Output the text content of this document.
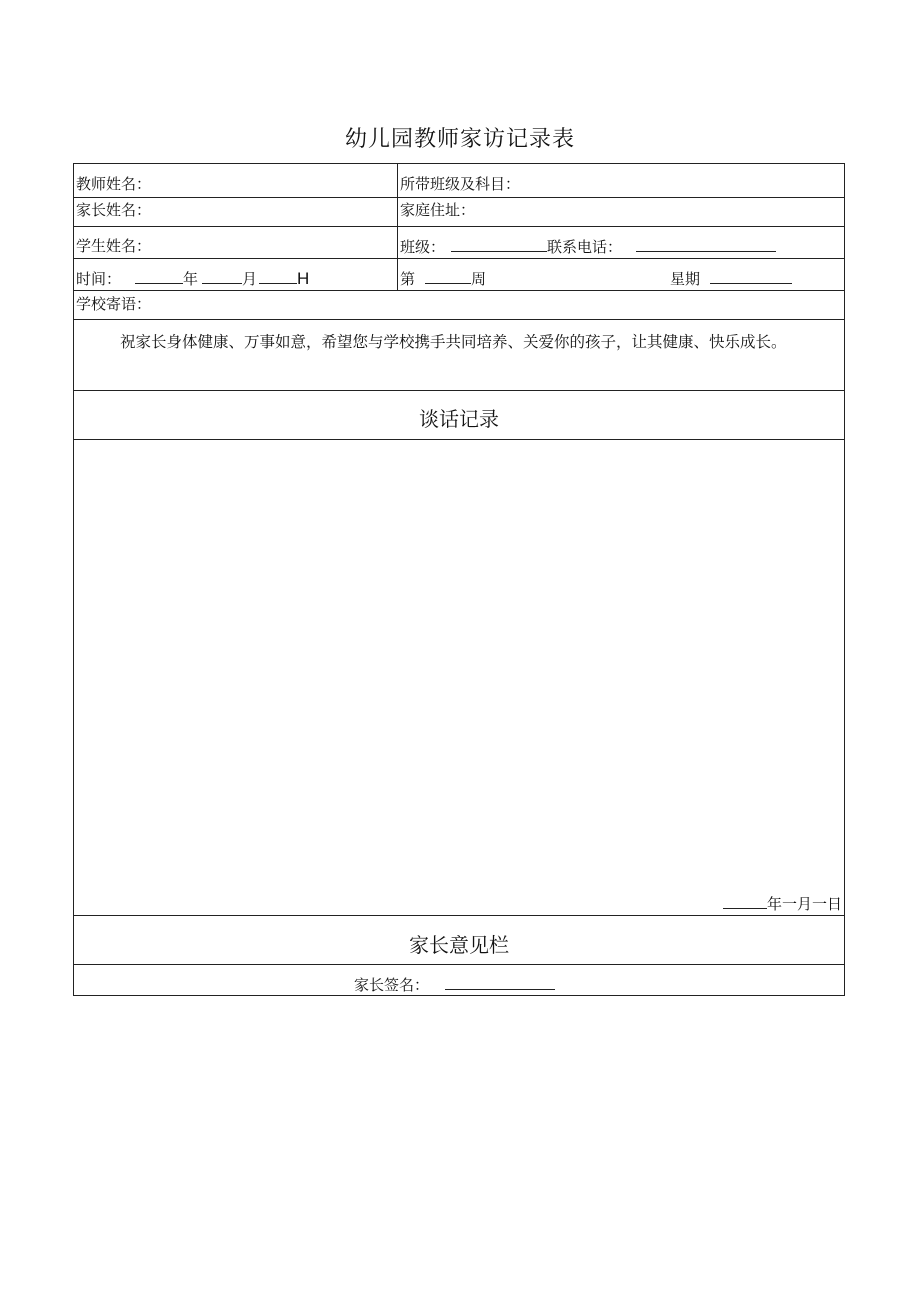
幼儿园教师家访记录表
教师姓名：	所带班级及科目：
家长姓名：	家庭住址：
学生姓名：	班级：	联系电话：
时间：	年	月 H	第	周	星期
学校寄语：
祝家长身体健康、万事如意，希望您与学校携手共同培养、关爱你的孩子，让其健康、快乐成长。
谈话记录
年一月一日
家长意见栏
家长签名：
